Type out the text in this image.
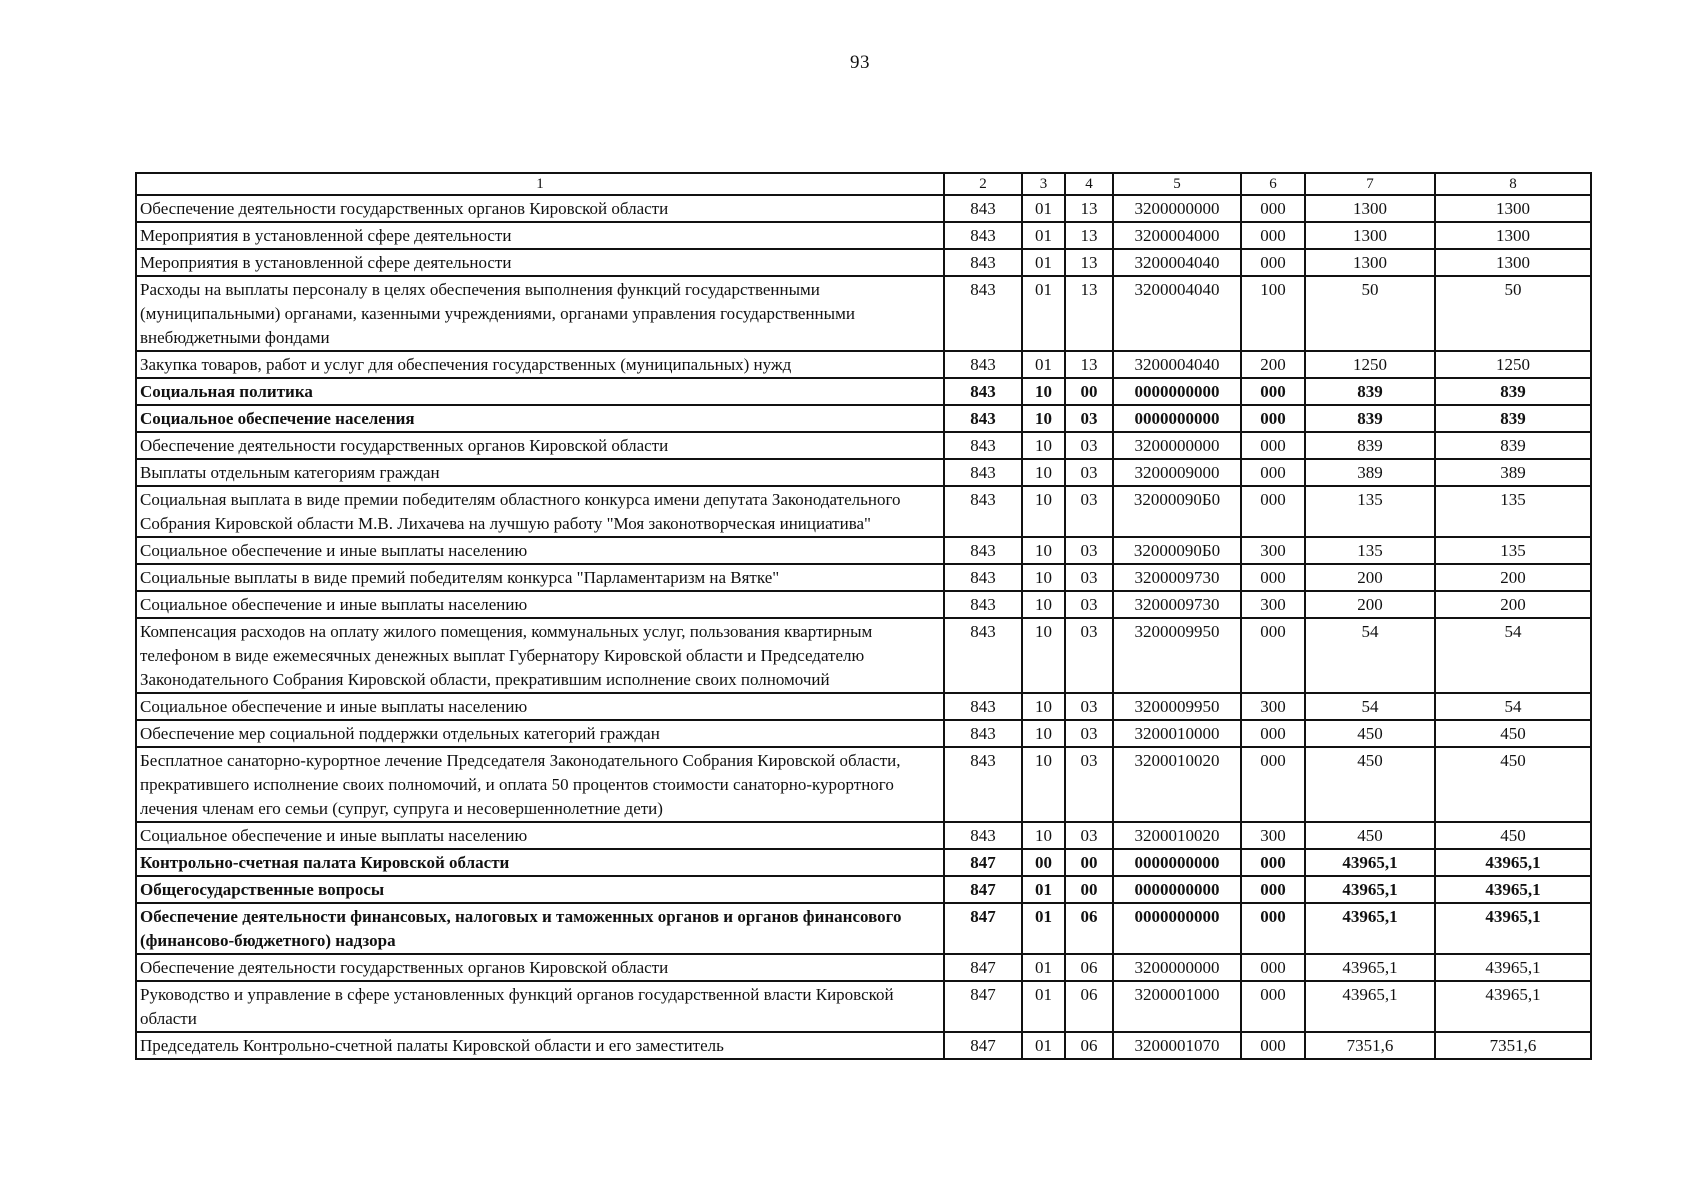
93
1	2	3	4	5	6	7	8
Обеспечение деятельности государственных органов Кировской области	843	01	13	3200000000	000	1300	1300
Мероприятия в установленной сфере деятельности	843	01	13	3200004000	000	1300	1300
Мероприятия в установленной сфере деятельности	843	01	13	3200004040	000	1300	1300
Расходы на выплаты персоналу в целях обеспечения выполнения функций государственными (муниципальными) органами, казенными учреждениями, органами управления государственными внебюджетными фондами	843	01	13	3200004040	100	50	50
Закупка товаров, работ и услуг для обеспечения государственных (муниципальных) нужд	843	01	13	3200004040	200	1250	1250
Социальная политика	843	10	00	0000000000	000	839	839
Социальное обеспечение населения	843	10	03	0000000000	000	839	839
Обеспечение деятельности государственных органов Кировской области	843	10	03	3200000000	000	839	839
Выплаты отдельным категориям граждан	843	10	03	3200009000	000	389	389
Социальная выплата в виде премии победителям областного конкурса имени депутата Законодательного Собрания Кировской области М.В. Лихачева на лучшую работу "Моя законотворческая инициатива"	843	10	03	32000090Б0	000	135	135
Социальное обеспечение и иные выплаты населению	843	10	03	32000090Б0	300	135	135
Социальные выплаты в виде премий победителям конкурса "Парламентаризм на Вятке"	843	10	03	3200009730	000	200	200
Социальное обеспечение и иные выплаты населению	843	10	03	3200009730	300	200	200
Компенсация расходов на оплату жилого помещения, коммунальных услуг, пользования квартирным телефоном в виде ежемесячных денежных выплат Губернатору Кировской области и Председателю Законодательного Собрания Кировской области, прекратившим исполнение своих полномочий	843	10	03	3200009950	000	54	54
Социальное обеспечение и иные выплаты населению	843	10	03	3200009950	300	54	54
Обеспечение мер социальной поддержки отдельных категорий граждан	843	10	03	3200010000	000	450	450
Бесплатное санаторно-курортное лечение Председателя Законодательного Собрания Кировской области, прекратившего исполнение своих полномочий, и оплата 50 процентов стоимости санаторно-курортного лечения членам его семьи (супруг, супруга и несовершеннолетние дети)	843	10	03	3200010020	000	450	450
Социальное обеспечение и иные выплаты населению	843	10	03	3200010020	300	450	450
Контрольно-счетная палата Кировской области	847	00	00	0000000000	000	43965,1	43965,1
Общегосударственные вопросы	847	01	00	0000000000	000	43965,1	43965,1
Обеспечение деятельности финансовых, налоговых и таможенных органов и органов финансового (финансово-бюджетного) надзора	847	01	06	0000000000	000	43965,1	43965,1
Обеспечение деятельности государственных органов Кировской области	847	01	06	3200000000	000	43965,1	43965,1
Руководство и управление в сфере установленных функций органов государственной власти Кировской области	847	01	06	3200001000	000	43965,1	43965,1
Председатель Контрольно-счетной палаты Кировской области и его заместитель	847	01	06	3200001070	000	7351,6	7351,6
